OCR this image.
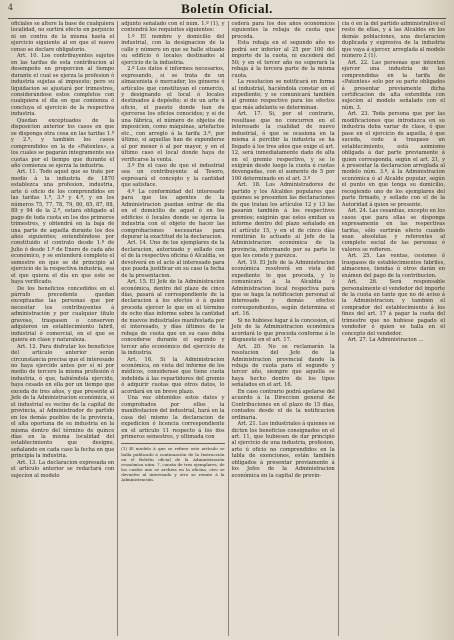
4	Boletín Oficial.

oficiales se altere la base de cualquiera localidad, no surtirá efecto en perjuicio ni en contra de la misma hasta el ejercicio siguiente al en que el nuevo censo se declare obligatorio.

Art. 10. Los contribuyentes sujetos en las tarifas de esta contribucion al desempeño en proporcion al tiempo durante el cual se ejerza la profesion ó industria sujetas al impuesto; pero su liquidacion se ajustará por trimestres, considerándose estos completos con cualquiera el dia en que comienza ó concluya el ejercicio de la respectiva industria.

Quedan exceptuados de la disposicion anterior los casos en que se disponga otra cosa en las tarifas 1.ª y 2.ª, y también los casos comprendidos en la de «Patentes», a los cuales se pagarán íntegramente sus cuotas por el tiempo que durante el año comienza se ejerza la industria.

Art. 11. Todo aquel que se trate por medio á la industria de 1870 establezca una profesion, industria, arte ú oficio de los comprendidos en las tarifas 1.ª, 3.ª y 4.ª, y en los números 75, 77, 78, 79, 80, 85, 87, 88, 89 y 94 de la 2.ª, estará obligado al pago de toda cuota en los dos primeros trimestres, y obtendrá en la baja de una parte de aquella durante los dos años siguientes; entendiéndose por constituido el contrato desde 1.º de Julio ó desde 1.º de Enero de cada año económico, y se entenderá completo el semestre en que se dé principio al ejercicio de la respectiva industria, sea el que quiera el día en que este se haya verificado.

De los beneficios concedidos en el párrafo precedente quedan exceptuadas las personas que por necesitar los contribuyentes á administración y por cualquier titulo gravoso, traspasen o conserven adquieren un establecimiento fabril, industrial ó comercial, en el que se quiera en clase y naturaleza.

Art. 12. Para disfrutar los beneficios del artículo anterior serán circunstancia precisa que el interesado no haya ejercido antes por sí ni por medio de tercero la misma profesión ó industria, ó que, habiéndola ejercido, haya cesado en ella por un tiempo que exceda de tres años, y que presente al Jefe de la Administracion económica, si el industrial es vecino de la capital de provincia, al Administrador de partido en los demás pueblos de la provincia, el alta oportuna de su industria en la misma dentro del término de quince días en la misma localidad del establecimiento que designe, señalando en cada caso la fecha en que principia la industria.

Art. 13. La declaracion expresada en el artículo anterior se redactará con sujecion al modelo

adjunto señalado con el núm. 1.º (1), y contendrá los requisitos siguientes:

1.º El nombre y domicilio del industrial, con la designacion de la calle y número en que se halle situado su edificio ó locales destinados al ejercicio de la industria.

2.º Los datos é informes necesarios, expresando, si se trata de un almacenista ó mercader, los géneros ó artículos que constituyan el comercio, y designando el local ó locales destinados á depósito; si de un arte ú oficio, el puesto donde han de ejercerse los oficios conocidos; y si de una fábrica, el número de objetos de imposicion, como máquinas, artefactos etc., con arreglo á la tarifa 3.ª, por último, si aquellas han de expenderse al por menor ó al por mayor, y en el último caso el local donde haya de verificarse la venta.

3.º En el caso de que el industrial sea un contribuyente al Tesoro, expresará el concepto y la cantidad que satisface.

4.º La conformidad del interesado para que los agentes de la Administracion puedan entrar de dia en el domicilio de aquel ó en los edificios ó locales donde se ejerza la industria con el objeto de hacer las comprobaciones necesarias para depurar la exactitud de la declaracion.

Art. 14. Uno de los ejemplares de la declaracion, autorizado y sellado con el de la respectiva oficina ó Alcaldía, se devolverá en el acto al interesado para que pueda justificar en su caso la fecha de la presentacion.

Art. 15. El Jefe de la Administracion económica, dentro del plazo de cinco días, pasará al correspondiente de la declaracion á los efectos ó á quien proceda ejercer lo que en el término de ocho días informe sobre la cantidad de nuevos industriales manifestada por el interesado, y días últimos de la rebaja de cuota que en su caso deba concederse durante el segundo y tercer año económico del ejercicio de la industria.

Art. 16. Si la Administracion económica, en vista del informe de los médicos, considerase que tiene cuota indebida á las repartidores del gremio ó adquirir cuotas que otros datos, lo acordará en un breve plazo.

Una vez obtenidos estos datos y comprobados por ellos la manifestacion del industrial, hará en la casa del mismo la declaracion de expedicion ó licencia correspondiente en el artículo 11 respecto á los dos primeros semestres, y ultimada con

(1) El modelo á que se refiere este artículo se halla publicado á continuación de la Instrucción en el Boletín oficial de la Administración económica núm. 7, consta de tres ejemplares, de los cuales uno se archiva en la oficina, otro se devuelve al interesado y otro se remite á la Administración.

cederá para los dos años económicos siguientes la rebaja de cuota que proceda.

Esta rebaja en el segundo año no podrá ser inferior al 25 por 100 del importe de la cuota, ni excederá del 50; y en el tercer año no superará la rebaja á la tercera parte de la misma cuota.

La resolucion se notificará en forma al industrial, haciéndola constar en el expediente; y se comunicará también al gremio respectivo para los efectos que más adelante se determinan.

Art. 17. Si, por el contrario, resultase que no concurren en el interesado la cualidad de nuevo industrial, ó que se ocasiona en la misma á percibir la industria se ha llegado á los tres años que exige el art. 12, será inmediatamente dado de alta en el gremio respectivo, y se le exigirán desde luego la cuota ó cuotas devengadas, con el aumento de 5 por 100 determinado en el art. 3.º

Art. 18. Los Administradores de partido y los Alcaldes populares que quienes se presenten las declaraciones de que tratan los artículos 12 y 13 las pasarán también á los respectivos gremios; exigirán que estos emitan su informe dentro del plazo señalado en el artículo 15, y en el de cinco días remitirán lo actuado al Jefe de la Administracion económica de la provincia, informando por su parte lo que les conste y parezca.

Art. 19. El Jefe de la Administracion económica resolverá en vista del expediente lo que proceda, y lo comunicará á la Alcaldía ó Administracion local respectiva para que se haga la notificacion personal al interesado y demás efectos correspondientes, según determina el art. 16.

Si no hubiese lugar á la concesion, el Jefe de la Administracion económica acordará lo que proceda conforme á lo dispuesto en el art. 17.

Art. 20. No se reclamarán la resolucion del Jefe de la Administracion provincial dando la rebaja de cuota para el segundo y tercer año, siempre que aquella se haya hecho dentro de los tipos señalados en el art. 16.

En caso contrario podrá apelarse del acuerdo á la Direccion general de Contribuciones en el plazo de 15 días, contados desde el de la notificacion ordinaria.

Art. 21. Los industriales á quienes se dicten los beneficios consignados en el art. 11, que hubiesen de dar principio al ejercicio de una industria, profesion, arte ú oficio no comprendidos en la tabla de exenciones, están también obligados á presentar previamente á los Jefes de la Administracion económica en la capital de provin-

cia ó en la del partido administrativo el resto de ellas, y á las Alcaldes en los demás poblaciones, una declaracion duplicada y expresiva de la industria que vaya á ejercer, arreglada al modelo número 2 (1).

Art. 22. Las personas que intenten ejercer una industria de las comprendidas en la tarifa de «Patentes» solo por su parte obligados á presentar previamente dicha certificacion de alta extendida con sujecion al modelo señalado con el núm. 3.

Art. 23. Toda persona que por las modificaciones que introduzca en su industria deba variar de clase, ó que pase en el ejercicio de aquella, ó que suceda, cede á traspaso un establecimiento, está asimismo obligada á dar parte previamente á quien corresponda, según el art. 21, y á presentar la declaracion arreglada al modelo núm. 3.º, á la Administracion económica ó al Alcalde popular, según el punto en que tenga su domicilio, recogiendo uno de los ejemplares del parte firmado, y sellado con el de la Autoridad á quien se presente.

Art. 24. Las cesantías, excepto en los casos que para ellas se disponga expresamente en las respectivas tarifas, sólo surtirán efecto cuando sean absolutas y referentes al completo social de las personas ó valores se refieren.

Art. 25. Las ventas, cesiones ó traspasos de establecimientos fabriles, almacenes, tiendas ú otros darán en exámen del pago de la contribucion.

Art. 26. Será responsable personalmente el vendedor del importe de la cuota en tanto que no dé aviso á la Administracion; y también el comprador del establecimiento á los fines del art. 17 á pagar la cuota del trimestre que no hubiese pagado el vendedor ó quien se halla en el concepto del vendedor.

Art. 27. La Administracion ...
